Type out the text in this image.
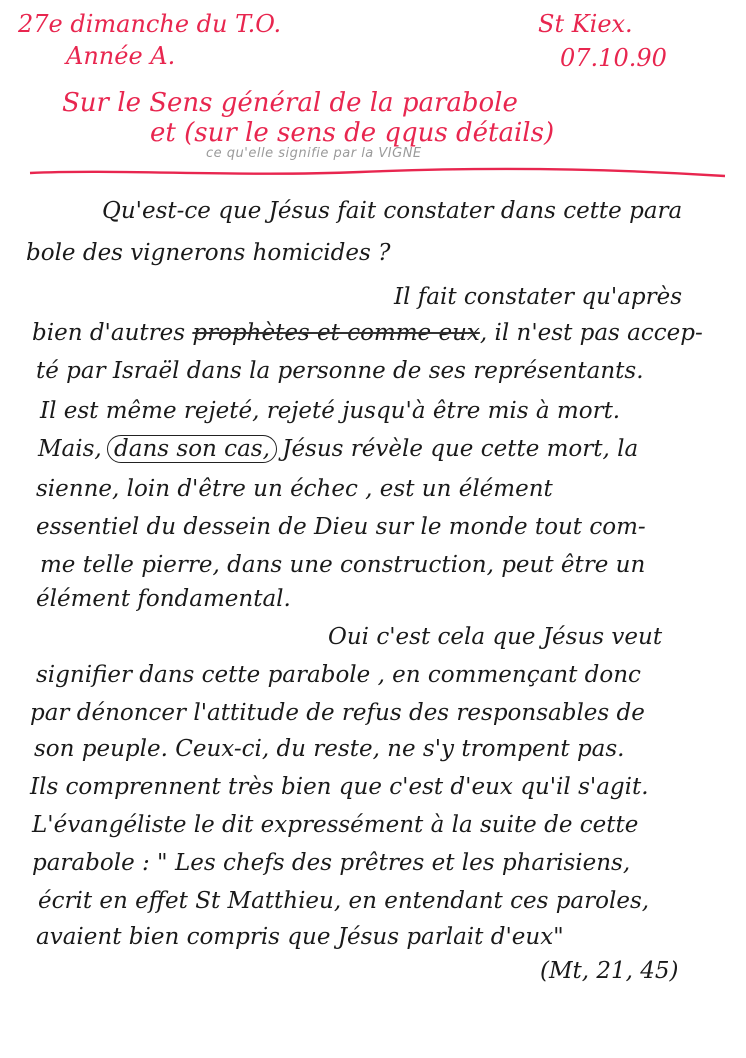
27e dimanche du T.O.
Année A.
St Kiex.
07.10.90
Sur le Sens général de la parabole
et (sur le sens de qqus détails)
ce qu'elle signifie par la VIGNE
Qu'est-ce que Jésus fait constater dans cette para
bole des vignerons homicides ?
Il fait constater qu'après
bien d'autres prophètes et comme eux, il n'est pas accep-
té par Israël dans la personne de ses représentants.
Il est même rejeté, rejeté jusqu'à être mis à mort.
Mais, dans son cas, Jésus révèle que cette mort, la
sienne, loin d'être un échec , est un élément
essentiel du dessein de Dieu sur le monde tout com-
me telle pierre, dans une construction, peut être un
élément fondamental.
Oui c'est cela que Jésus veut
signifier dans cette parabole , en commençant donc
par dénoncer l'attitude de refus des responsables de
son peuple. Ceux-ci, du reste, ne s'y trompent pas.
Ils comprennent très bien que c'est d'eux qu'il s'agit.
L'évangéliste le dit expressément à la suite de cette
parabole : " Les chefs des prêtres et les pharisiens,
écrit en effet St Matthieu, en entendant ces paroles,
avaient bien compris que Jésus parlait d'eux"
(Mt, 21, 45)
